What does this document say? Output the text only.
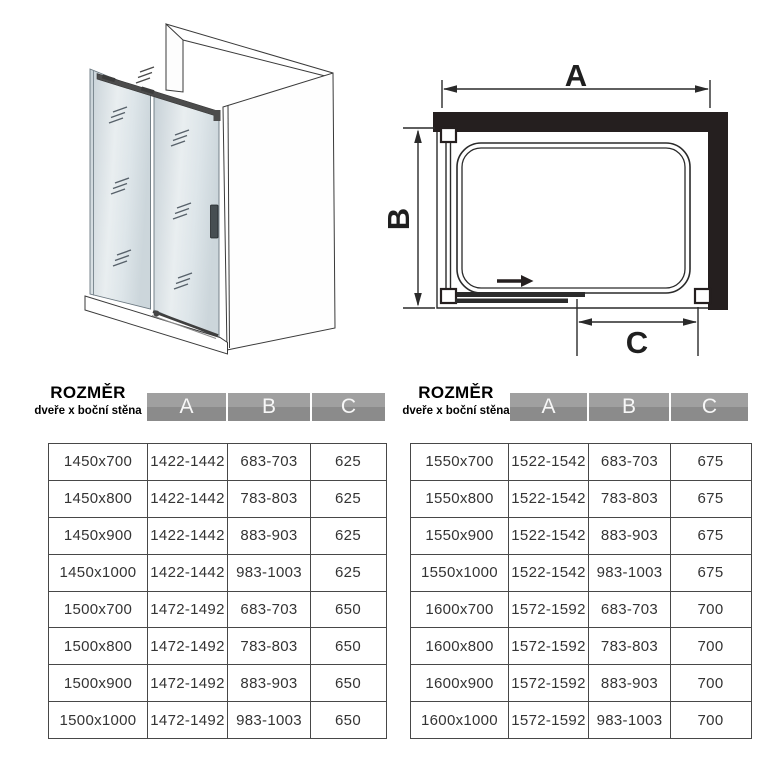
A
B
C
ROZMĚR
dveře x boční stěna	A	B	C
1450x700	1422-1442	683-703	625
1450x800	1422-1442	783-803	625
1450x900	1422-1442	883-903	625
1450x1000 1422-1442 983-1003	625
1500x700	1472-1492	683-703	650
1500x800	1472-1492	783-803	650
1500x900	1472-1492	883-903	650
1500x1000 1472-1492 983-1003	650
ROZMĚR
dveře x boční stěna	A	B	C
1550x700	1522-1542	683-703	675
1550x800	1522-1542	783-803	675
1550x900	1522-1542	883-903	675
1550x1000 1522-1542 983-1003	675
1600x700	1572-1592	683-703	700
1600x800	1572-1592	783-803	700
1600x900	1572-1592	883-903	700
1600x1000 1572-1592 983-1003	700
